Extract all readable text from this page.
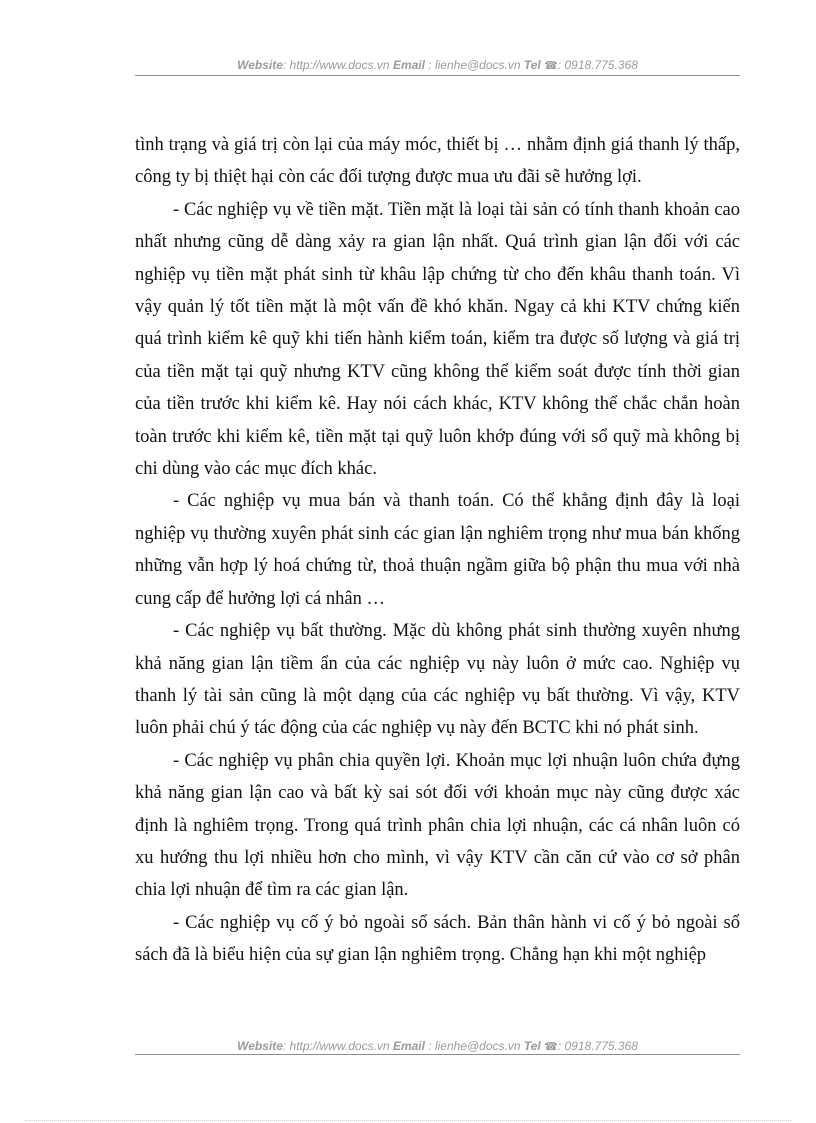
Website: http://www.docs.vn Email : lienhe@docs.vn Tel ☎: 0918.775.368

tình trạng và giá trị còn lại của máy móc, thiết bị … nhằm định giá thanh lý thấp, công ty bị thiệt hại còn các đối tượng được mua ưu đãi sẽ hưởng lợi.

- Các nghiệp vụ về tiền mặt. Tiền mặt là loại tài sản có tính thanh khoản cao nhất nhưng cũng dễ dàng xảy ra gian lận nhất. Quá trình gian lận đối với các nghiệp vụ tiền mặt phát sinh từ khâu lập chứng từ cho đến khâu thanh toán. Vì vậy quản lý tốt tiền mặt là một vấn đề khó khăn. Ngay cả khi KTV chứng kiến quá trình kiểm kê quỹ khi tiến hành kiểm toán, kiểm tra được số lượng và giá trị của tiền mặt tại quỹ nhưng KTV cũng không thể kiểm soát được tính thời gian của tiền trước khi kiểm kê. Hay nói cách khác, KTV không thể chắc chắn hoàn toàn trước khi kiểm kê, tiền mặt tại quỹ luôn khớp đúng với sổ quỹ mà không bị chi dùng vào các mục đích khác.

- Các nghiệp vụ mua bán và thanh toán. Có thể khẳng định đây là loại nghiệp vụ thường xuyên phát sinh các gian lận nghiêm trọng như mua bán khống những vẫn hợp lý hoá chứng từ, thoả thuận ngầm giữa bộ phận thu mua với nhà cung cấp để hưởng lợi cá nhân …

- Các nghiệp vụ bất thường. Mặc dù không phát sinh thường xuyên nhưng khả năng gian lận tiềm ẩn của các nghiệp vụ này luôn ở mức cao. Nghiệp vụ thanh lý tài sản cũng là một dạng của các nghiệp vụ bất thường. Vì vậy, KTV luôn phải chú ý tác động của các nghiệp vụ này đến BCTC khi nó phát sinh.

- Các nghiệp vụ phân chia quyền lợi. Khoản mục lợi nhuận luôn chứa đựng khả năng gian lận cao và bất kỳ sai sót đối với khoản mục này cũng được xác định là nghiêm trọng. Trong quá trình phân chia lợi nhuận, các cá nhân luôn có xu hướng thu lợi nhiều hơn cho mình, vì vậy KTV cần căn cứ vào cơ sở phân chia lợi nhuận để tìm ra các gian lận.

- Các nghiệp vụ cố ý bỏ ngoài sổ sách. Bản thân hành vi cố ý bỏ ngoài sổ sách đã là biểu hiện của sự gian lận nghiêm trọng. Chẳng hạn khi một nghiệp

Website: http://www.docs.vn Email : lienhe@docs.vn Tel ☎: 0918.775.368
